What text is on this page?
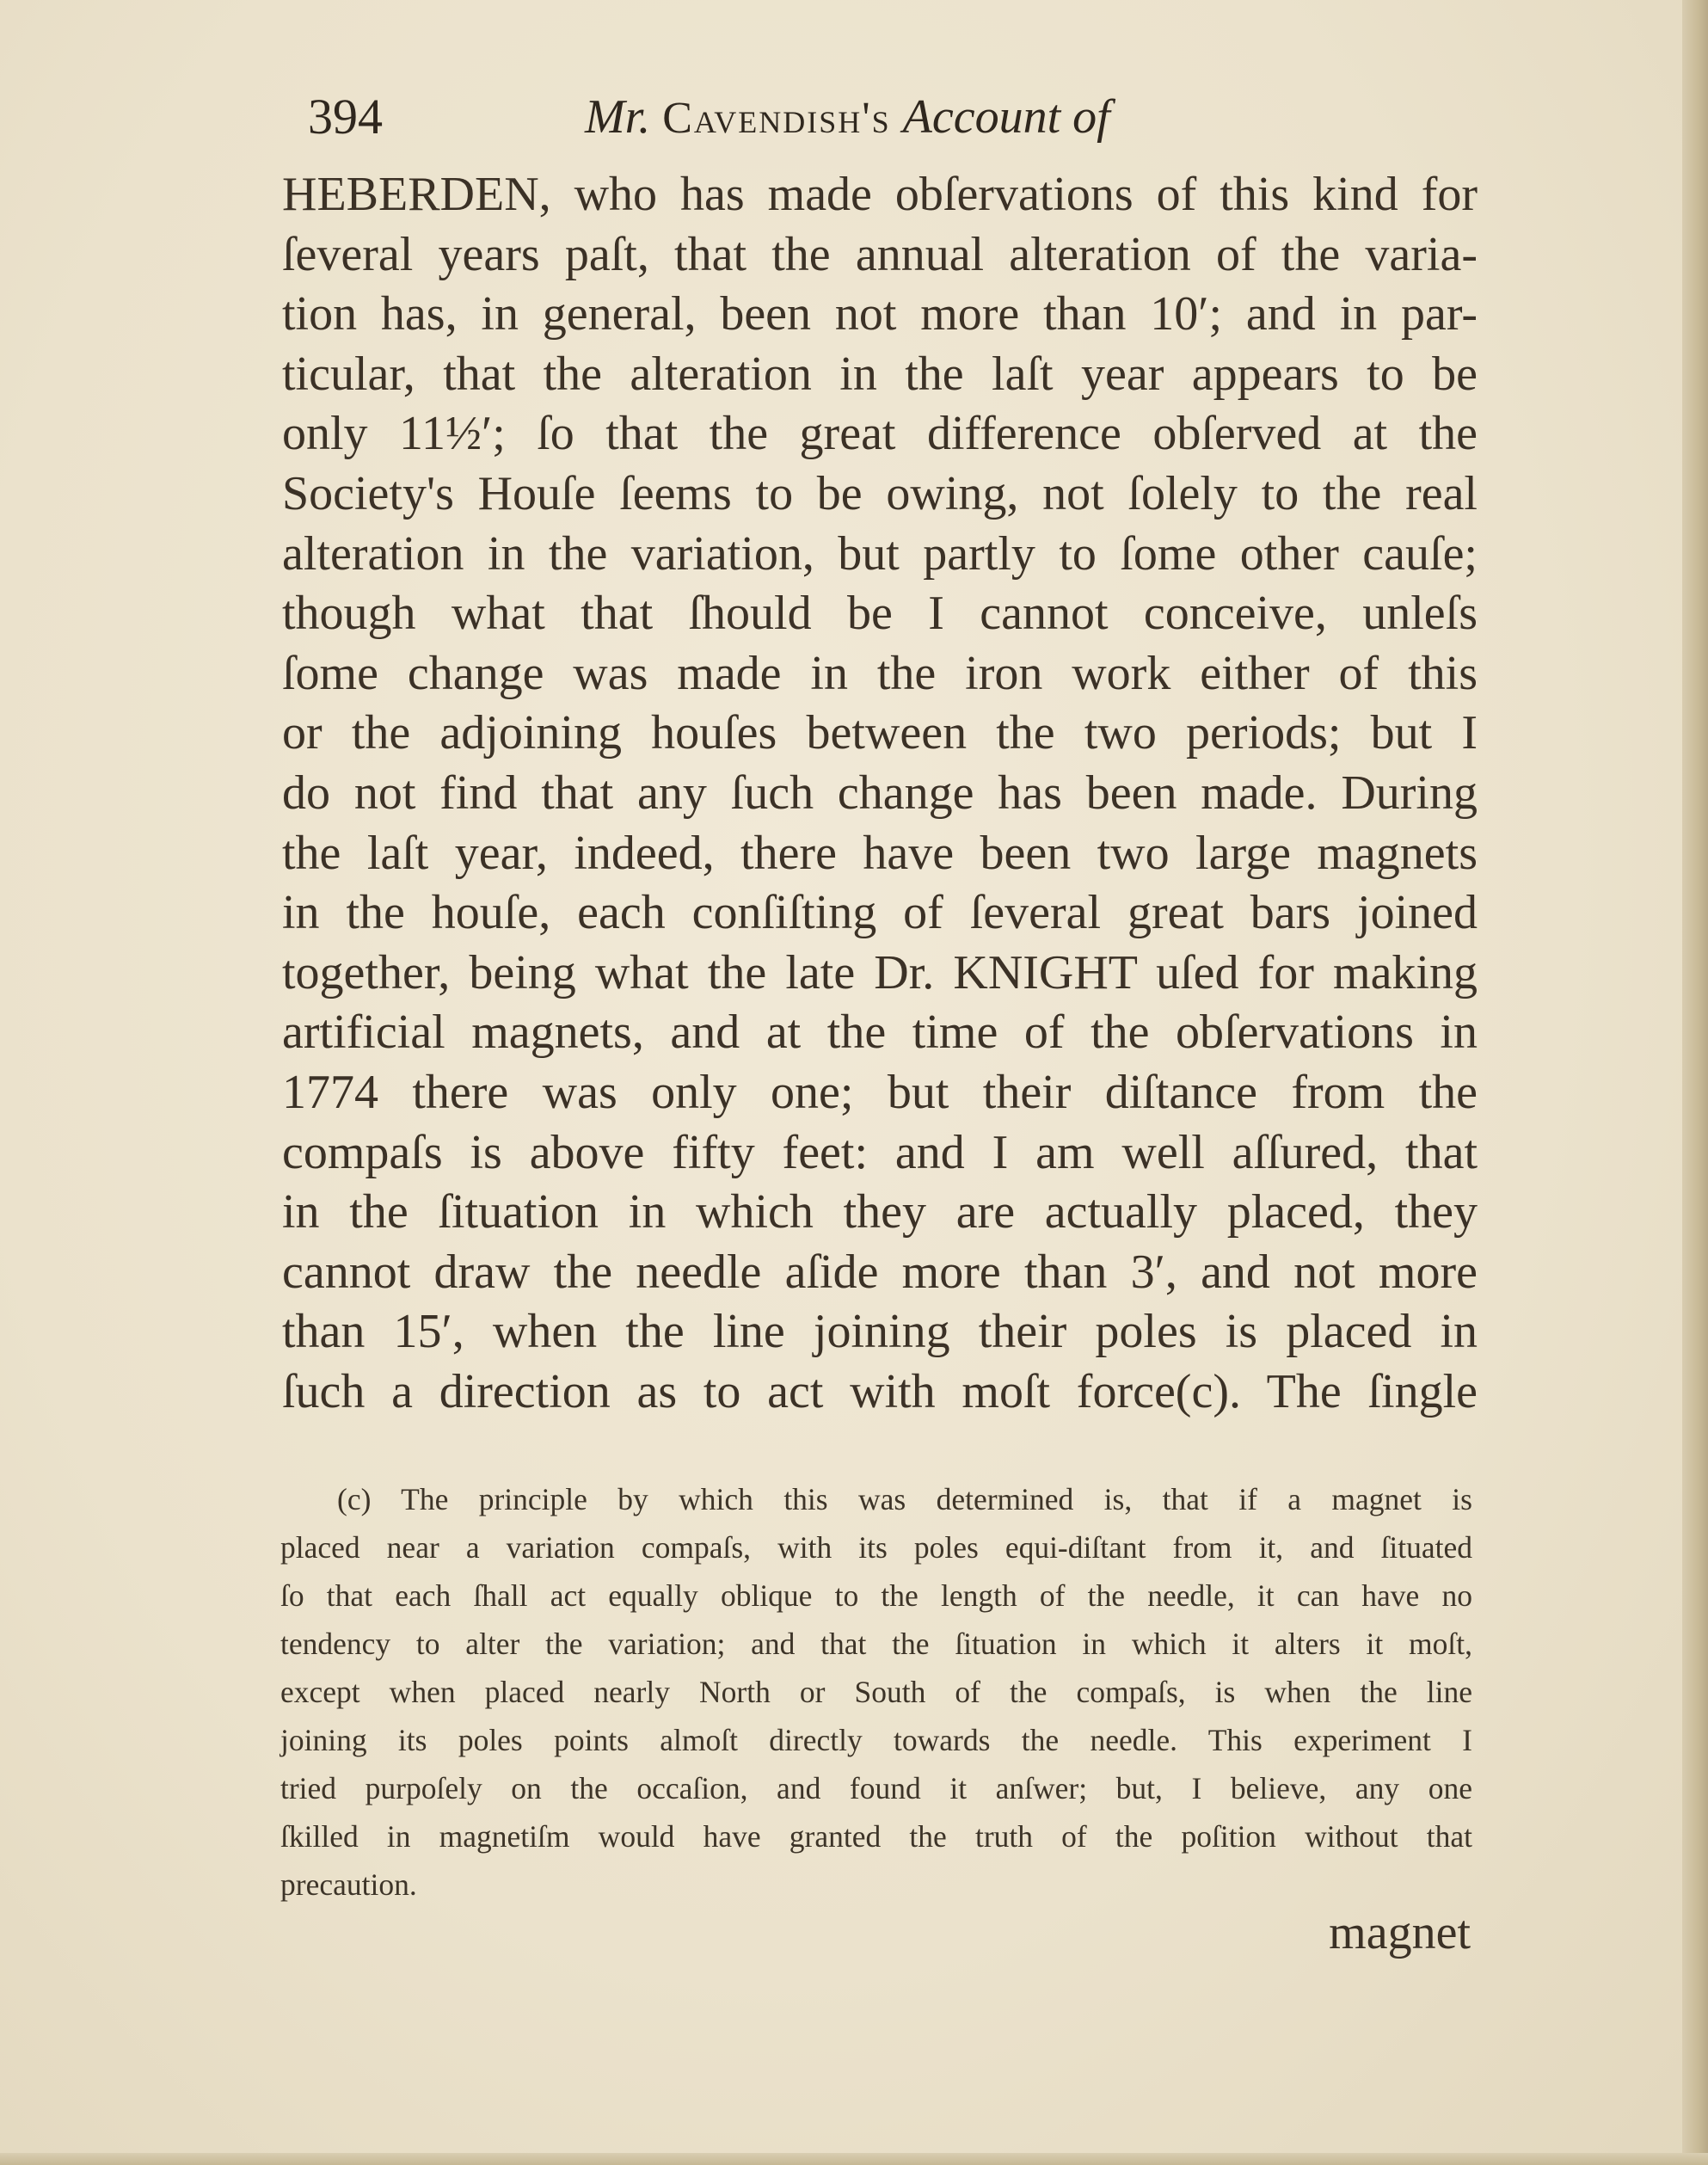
394	Mr. Cavendish's Account of
HEBERDEN, who has made obſervations of this kind for
ſeveral years paſt, that the annual alteration of the varia-
tion has, in general, been not more than 10′; and in par-
ticular, that the alteration in the laſt year appears to be
only 11½′; ſo that the great difference obſerved at the
Society's Houſe ſeems to be owing, not ſolely to the real
alteration in the variation, but partly to ſome other cauſe;
though what that ſhould be I cannot conceive, unleſs
ſome change was made in the iron work either of this
or the adjoining houſes between the two periods; but I
do not find that any ſuch change has been made. During
the laſt year, indeed, there have been two large magnets
in the houſe, each conſiſting of ſeveral great bars joined
together, being what the late Dr. KNIGHT uſed for making
artificial magnets, and at the time of the obſervations in
1774 there was only one; but their diſtance from the
compaſs is above fifty feet: and I am well aſſured, that
in the ſituation in which they are actually placed, they
cannot draw the needle aſide more than 3′, and not more
than 15′, when the line joining their poles is placed in
ſuch a direction as to act with moſt force(c). The ſingle
(c) The principle by which this was determined is, that if a magnet is
placed near a variation compaſs, with its poles equi-diſtant from it, and ſituated
ſo that each ſhall act equally oblique to the length of the needle, it can have no
tendency to alter the variation; and that the ſituation in which it alters it moſt,
except when placed nearly North or South of the compaſs, is when the line
joining its poles points almoſt directly towards the needle. This experiment I
tried purpoſely on the occaſion, and found it anſwer; but, I believe, any one
ſkilled in magnetiſm would have granted the truth of the poſition without that
precaution.
magnet
